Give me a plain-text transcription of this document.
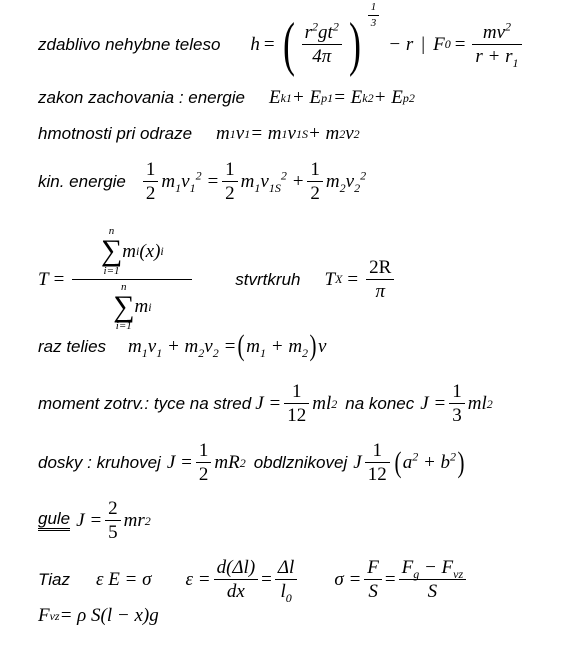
zdablivo nehybne teleso h = ( $\frac{r^2gt^2}{4\pi}$ ) $\frac{1}{3}$
− r | F $0 = \frac{mv^2}{r + r_1}$
zakon zachovania : energie E k1 + E p1 = E k2 + E p2
hmotnosti pri odraze m 1 v 1 = m 1 v 1S + m 2 v 2
kin. energie $\frac{1}{2} m_1v_1^2 = \frac{1}{2} m_1v_{1S}^2 + \frac{1}{2} m_2v_2^2$
T = n
∑
i=1
m i (x) i
n
∑
i=1
m i	stvrtkruh T $X = \frac{2R}{\pi}$
raz telies $m_1v_1 + m_2v_2$ = ( $m_1 + m_2$ ) v
moment zotrv.: tyce na stred $J = \frac{1}{12}$ ml 2 na konec $J = \frac{1}{3}$ ml 2
dosky : kruhovej $J = \frac{1}{2}$ mR 2 obdlznikovej J $\frac{1}{12}$ ( $a^2 + b^2$ )
gule $J = \frac{2}{5}$ mr 2
Tiaz ε E = σ $\varepsilon = \frac{d(\Delta l)}{dx} = \frac{\Delta l}{l_0}$ $\sigma = \frac{F}{S} = \frac{F_g - F_{vz}}{S}$
F vz = ρ S(l − x)g
